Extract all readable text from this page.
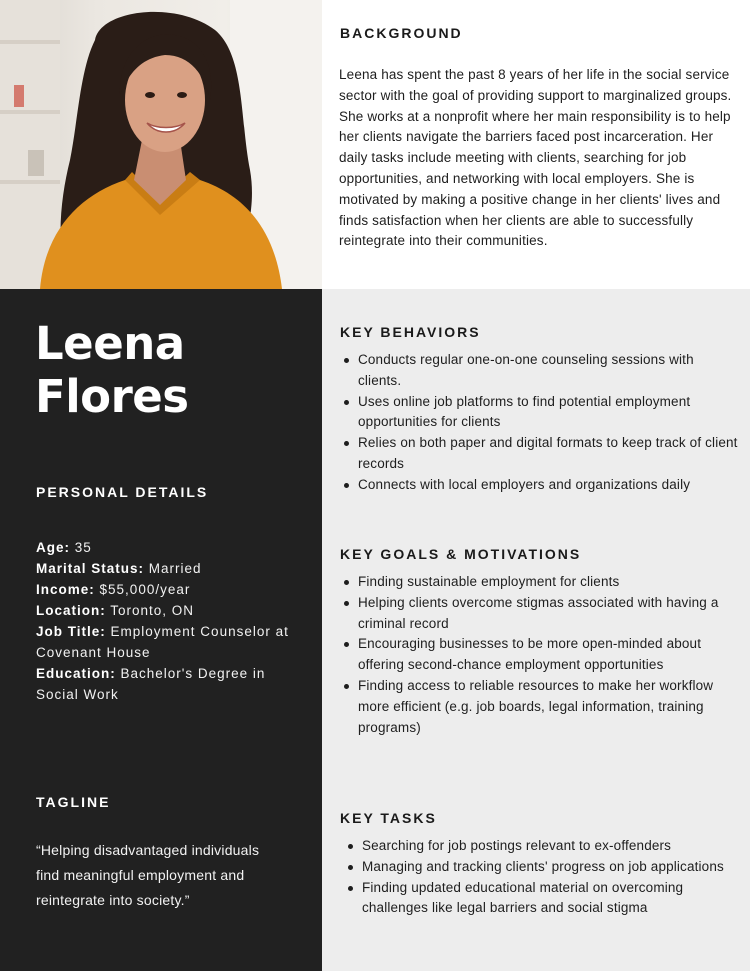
Leena
Flores
PERSONAL DETAILS
Age: 35
Marital Status: Married
Income: $55,000/year
Location: Toronto, ON
Job Title: Employment Counselor at Covenant House
Education: Bachelor's Degree in Social Work
TAGLINE
“Helping disadvantaged individuals find meaningful employment and reintegrate into society.”
BACKGROUND
Leena has spent the past 8 years of her life in the social service sector with the goal of providing support to marginalized groups. She works at a nonprofit where her main responsibility is to help her clients navigate the barriers faced post incarceration. Her daily tasks include meeting with clients, searching for job opportunities, and networking with local employers. She is motivated by making a positive change in her clients' lives and finds satisfaction when her clients are able to successfully reintegrate into their communities.
KEY BEHAVIORS
Conducts regular one-on-one counseling sessions with clients.
Uses online job platforms to find potential employment opportunities for clients
Relies on both paper and digital formats to keep track of client records
Connects with local employers and organizations daily
KEY GOALS & MOTIVATIONS
Finding sustainable employment for clients
Helping clients overcome stigmas associated with having a criminal record
Encouraging businesses to be more open-minded about offering second-chance employment opportunities
Finding access to reliable resources to make her workflow more efficient (e.g. job boards, legal information, training programs)
KEY TASKS
Searching for job postings relevant to ex-offenders
Managing and tracking clients' progress on job applications
Finding updated educational material on overcoming challenges like legal barriers and social stigma
